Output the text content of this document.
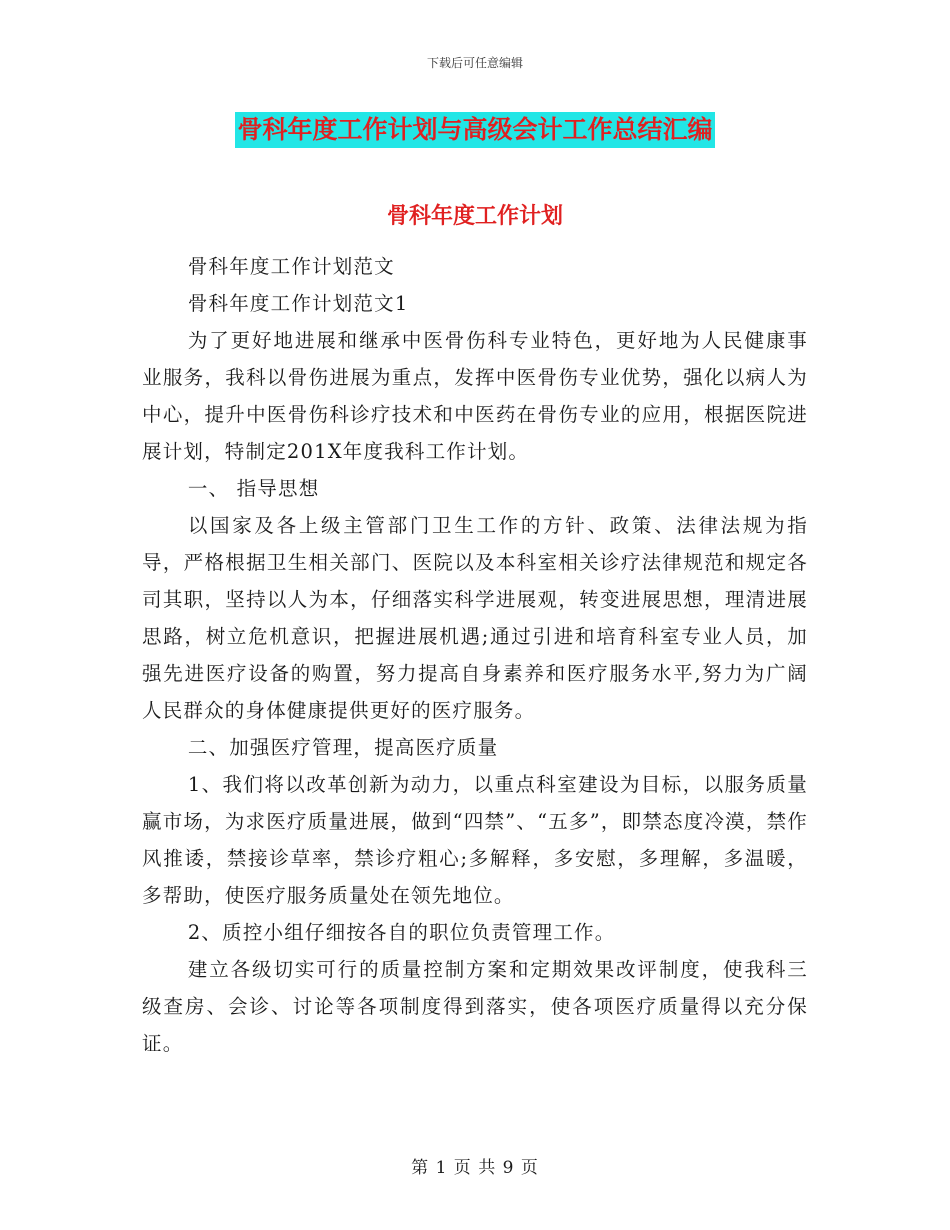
下载后可任意编辑
骨科年度工作计划与高级会计工作总结汇编
骨科年度工作计划

骨科年度工作计划范文

骨科年度工作计划范文1

为了更好地进展和继承中医骨伤科专业特色，更好地为人民健康事业服务，我科以骨伤进展为重点，发挥中医骨伤专业优势，强化以病人为中心，提升中医骨伤科诊疗技术和中医药在骨伤专业的应用，根据医院进展计划，特制定201X年度我科工作计划。

一、 指导思想

以国家及各上级主管部门卫生工作的方针、政策、法律法规为指导，严格根据卫生相关部门、医院以及本科室相关诊疗法律规范和规定各司其职，坚持以人为本，仔细落实科学进展观，转变进展思想，理清进展思路，树立危机意识，把握进展机遇;通过引进和培育科室专业人员，加强先进医疗设备的购置，努力提高自身素养和医疗服务水平,努力为广阔人民群众的身体健康提供更好的医疗服务。

二、加强医疗管理，提高医疗质量

1、我们将以改革创新为动力，以重点科室建设为目标，以服务质量赢市场，为求医疗质量进展，做到“四禁”、“五多”，即禁态度冷漠，禁作风推诿，禁接诊草率，禁诊疗粗心;多解释，多安慰，多理解，多温暖，多帮助，使医疗服务质量处在领先地位。

2、质控小组仔细按各自的职位负责管理工作。

建立各级切实可行的质量控制方案和定期效果改评制度，使我科三级查房、会诊、讨论等各项制度得到落实，使各项医疗质量得以充分保证。

第 1 页 共 9 页
